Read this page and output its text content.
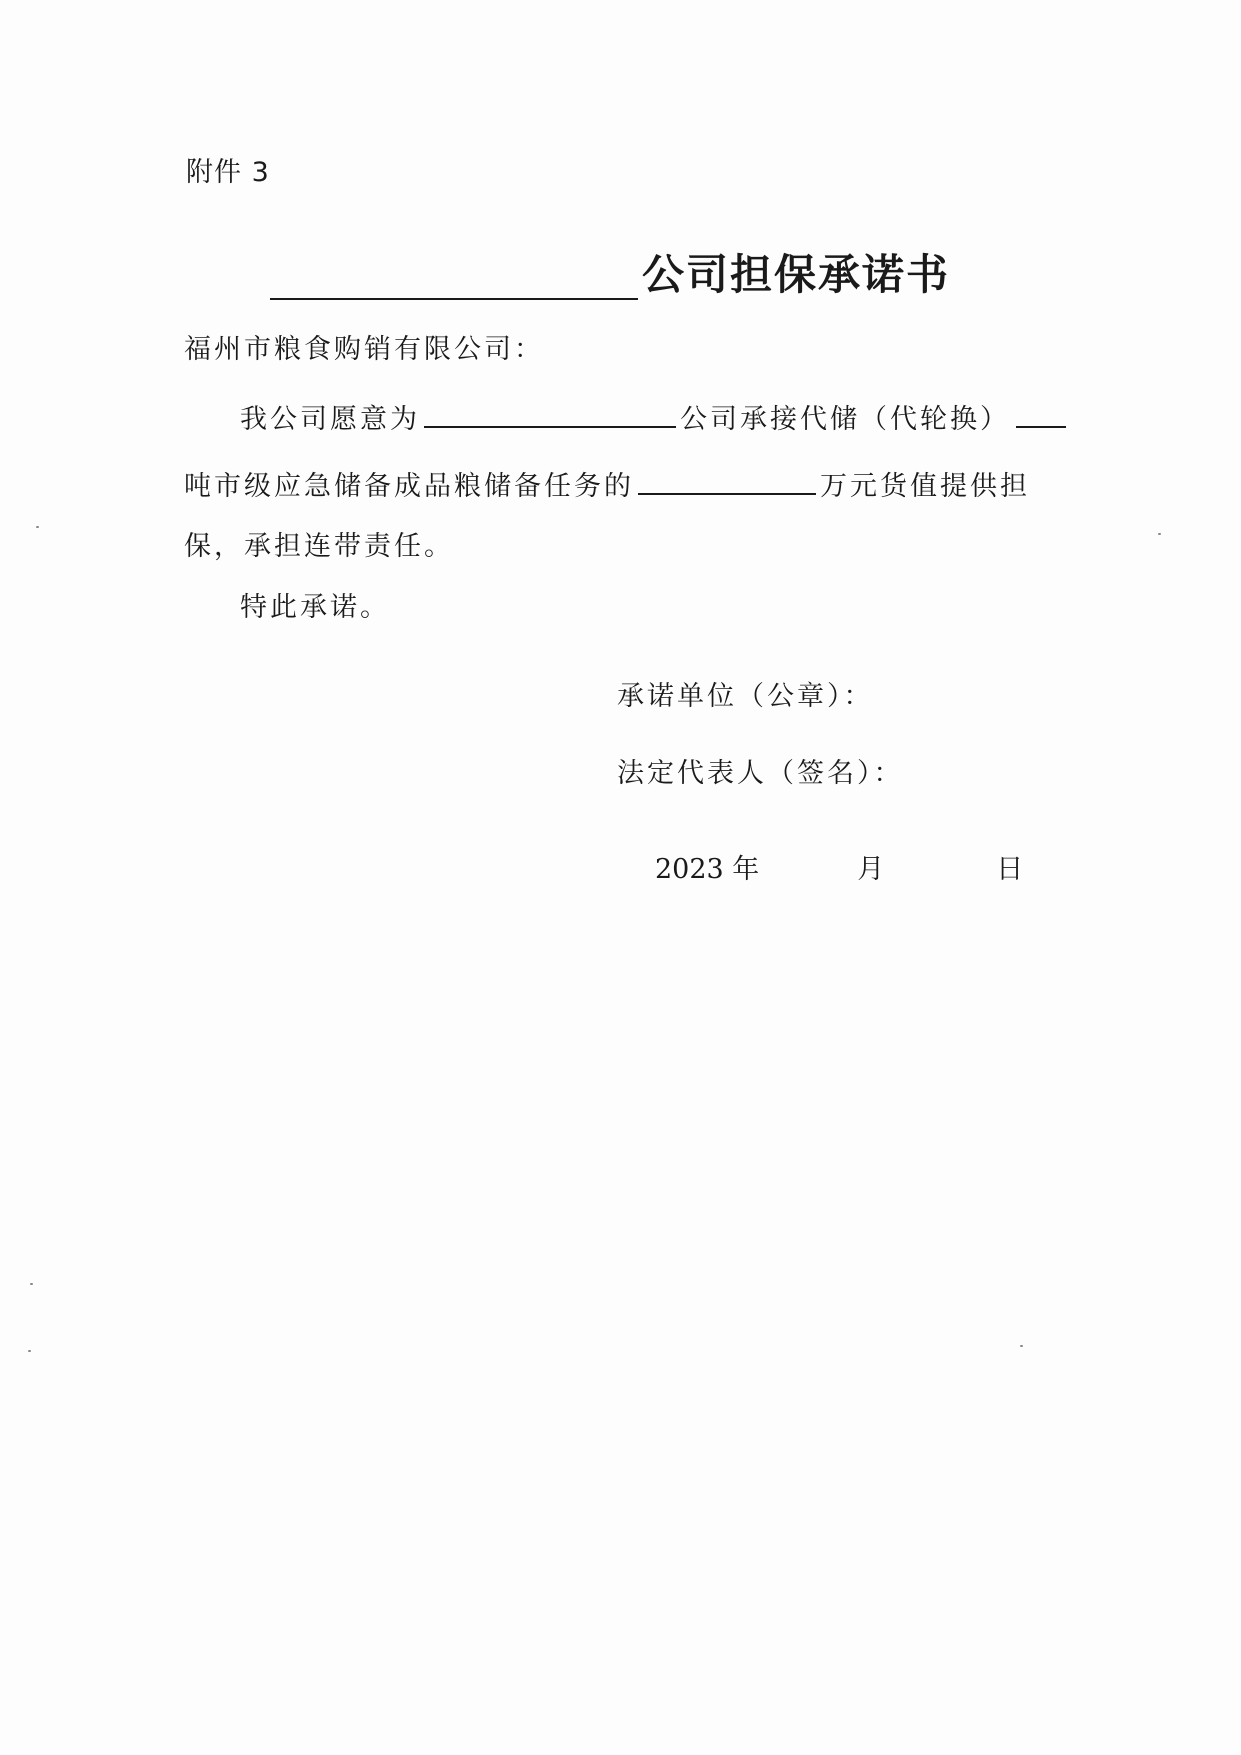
附件 3
公司担保承诺书
福州市粮食购销有限公司：
我公司愿意为	公司承接代储（代轮换）
吨市级应急储备成品粮储备任务的	万元货值提供担
保，承担连带责任。
特此承诺。
承诺单位（公章）：
法定代表人（签名）：
2023 年	月	日
